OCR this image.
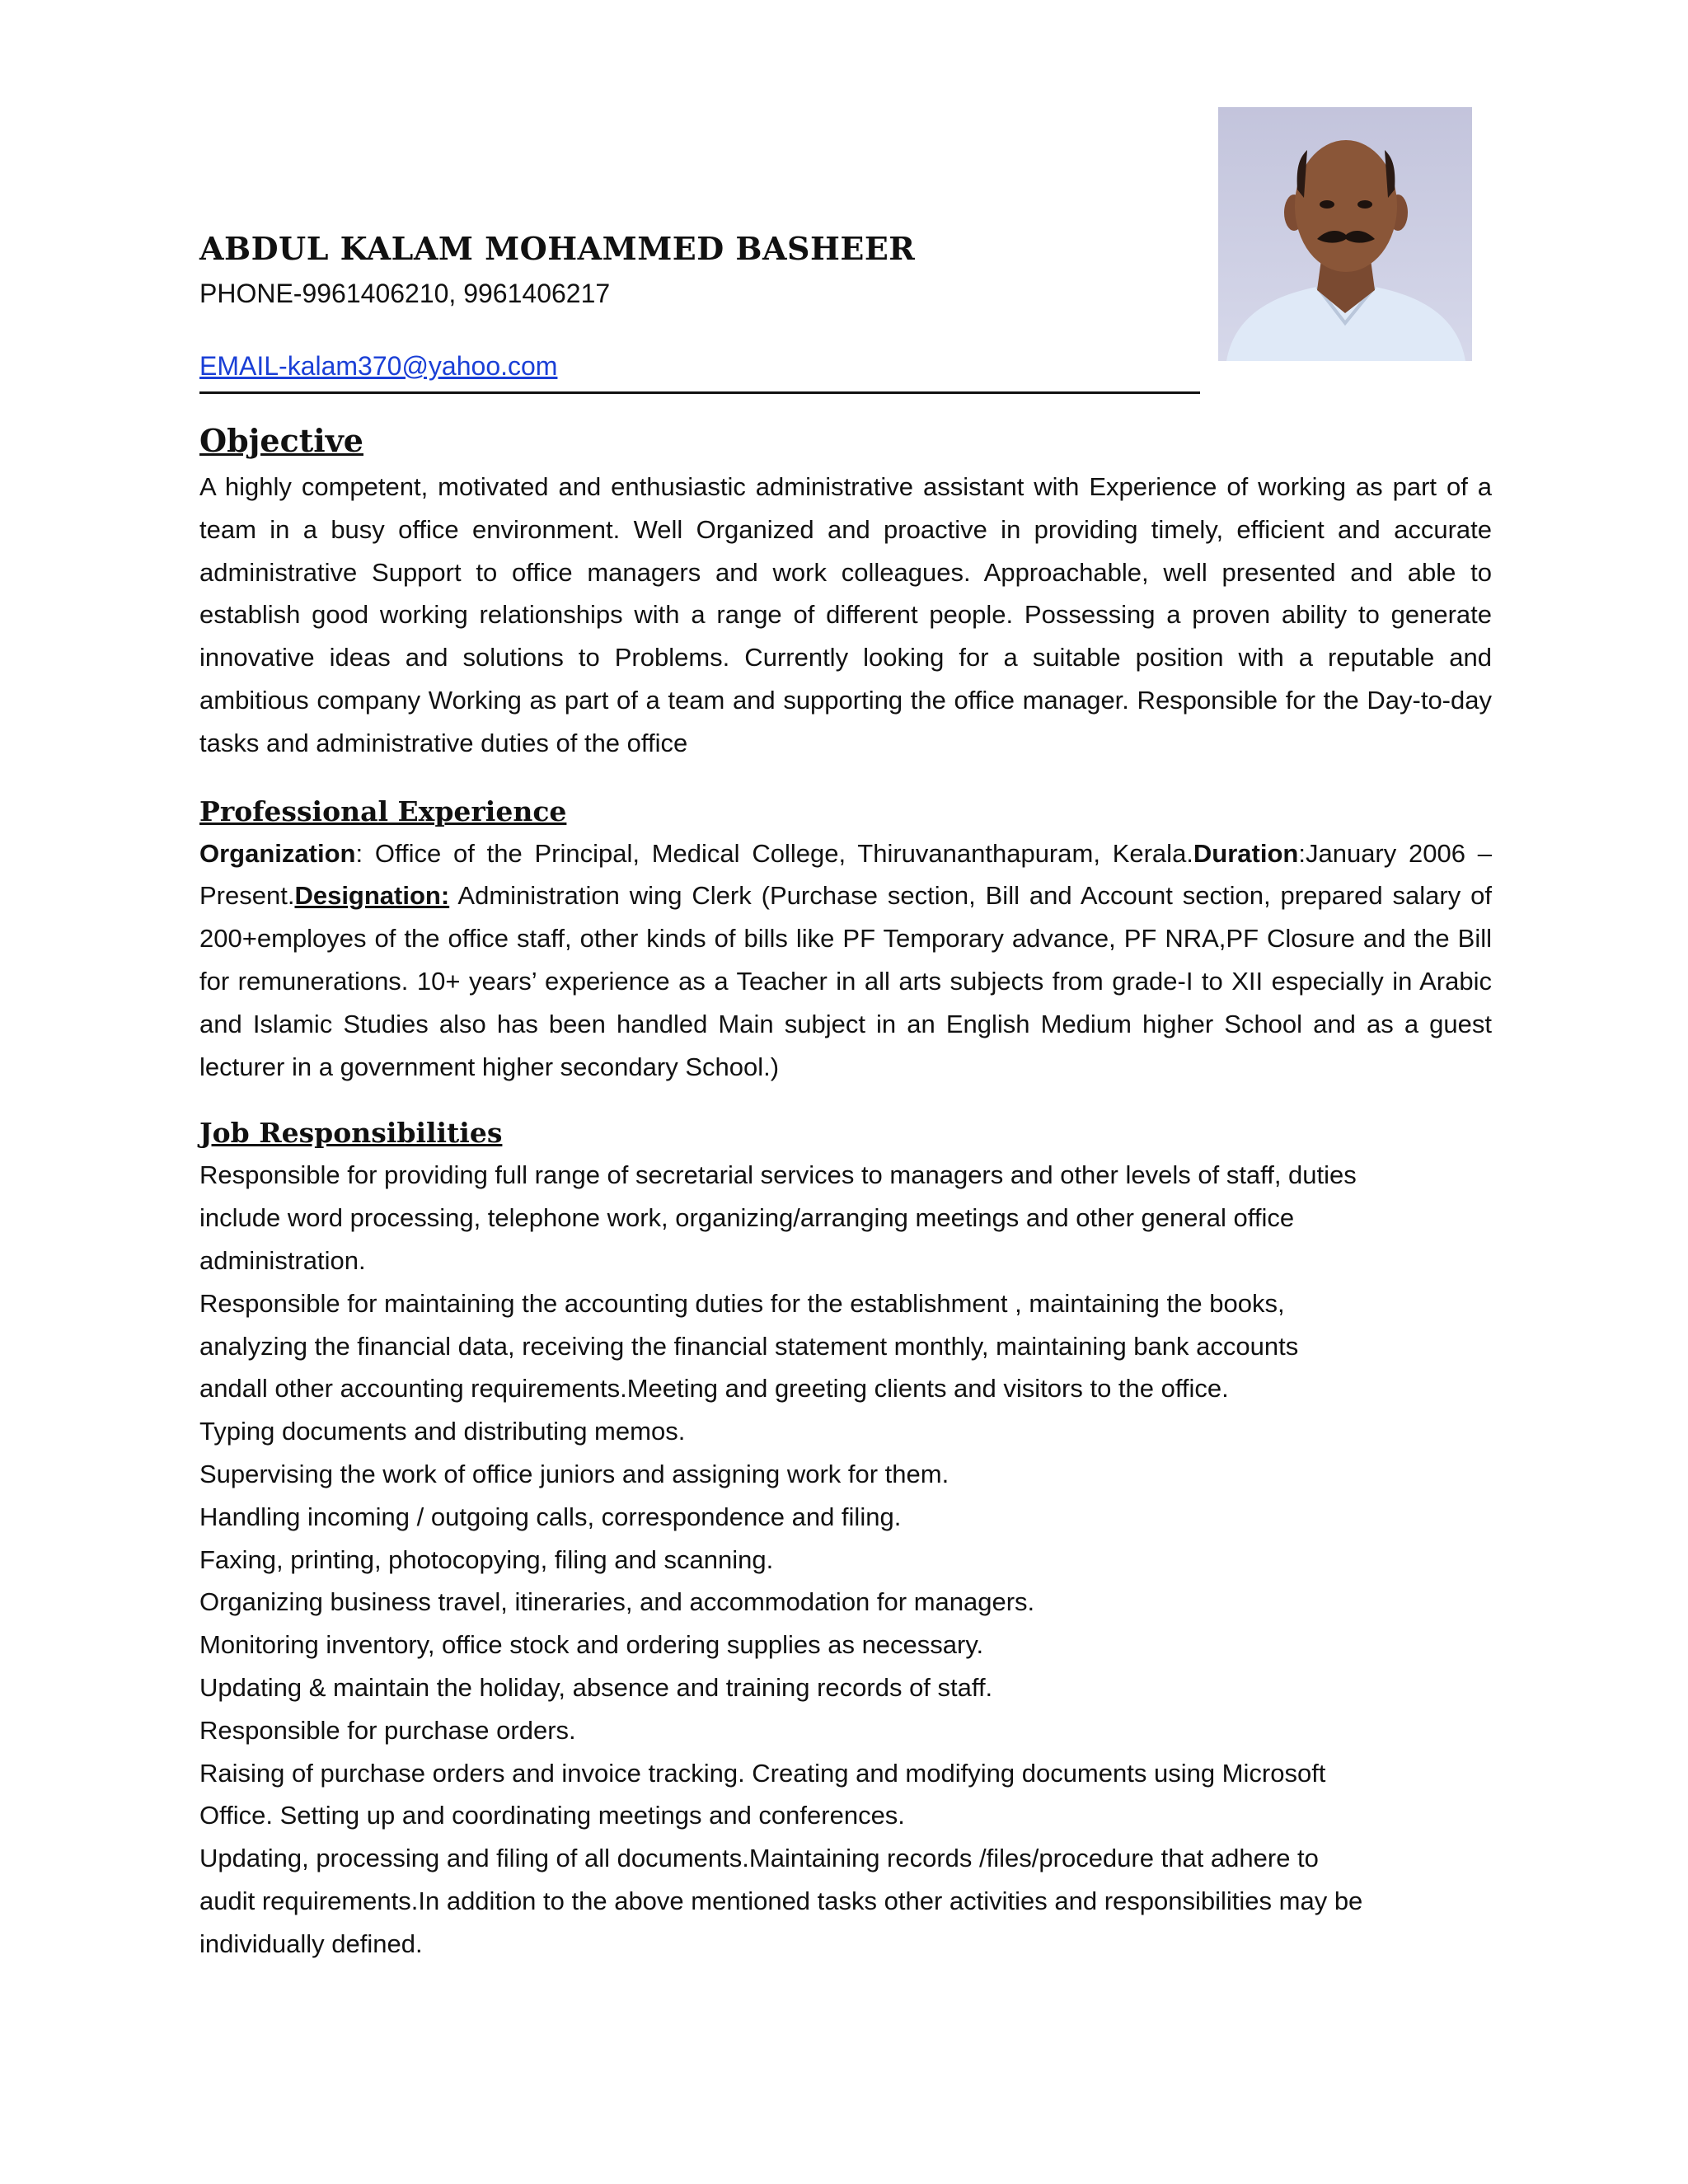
ABDUL KALAM MOHAMMED BASHEER
PHONE-9961406210, 9961406217
EMAIL-kalam370@yahoo.com
Objective

A highly competent, motivated and enthusiastic administrative assistant with Experience of working as part of a team in a busy office environment. Well Organized and proactive in providing timely, efficient and accurate administrative Support to office managers and work colleagues. Approachable, well presented and able to establish good working relationships with a range of different people. Possessing a proven ability to generate innovative ideas and solutions to Problems. Currently looking for a suitable position with a reputable and ambitious company Working as part of a team and supporting the office manager. Responsible for the Day-to-day tasks and administrative duties of the office

Professional Experience

Organization: Office of the Principal, Medical College, Thiruvananthapuram, Kerala.Duration:January 2006 –Present.Designation: Administration wing Clerk (Purchase section, Bill and Account section, prepared salary of 200+employes of the office staff, other kinds of bills like PF Temporary advance, PF NRA,PF Closure and the Bill for remunerations. 10+ years’ experience as a Teacher in all arts subjects from grade-I to XII especially in Arabic and Islamic Studies also has been handled Main subject in an English Medium higher School and as a guest lecturer in a government higher secondary School.)

Job Responsibilities
Responsible for providing full range of secretarial services to managers and other levels of staff, duties
include word processing, telephone work, organizing/arranging meetings and other general office
administration.
Responsible for maintaining the accounting duties for the establishment , maintaining the books,
analyzing the financial data, receiving the financial statement monthly, maintaining bank accounts
andall other accounting requirements.Meeting and greeting clients and visitors to the office.
Typing documents and distributing memos.
Supervising the work of office juniors and assigning work for them.
Handling incoming / outgoing calls, correspondence and filing.
Faxing, printing, photocopying, filing and scanning.
Organizing business travel, itineraries, and accommodation for managers.
Monitoring inventory, office stock and ordering supplies as necessary.
Updating & maintain the holiday, absence and training records of staff.
Responsible for purchase orders.
Raising of purchase orders and invoice tracking. Creating and modifying documents using Microsoft
Office. Setting up and coordinating meetings and conferences.
Updating, processing and filing of all documents.Maintaining records /files/procedure that adhere to
audit requirements.In addition to the above mentioned tasks other activities and responsibilities may be
individually defined.
